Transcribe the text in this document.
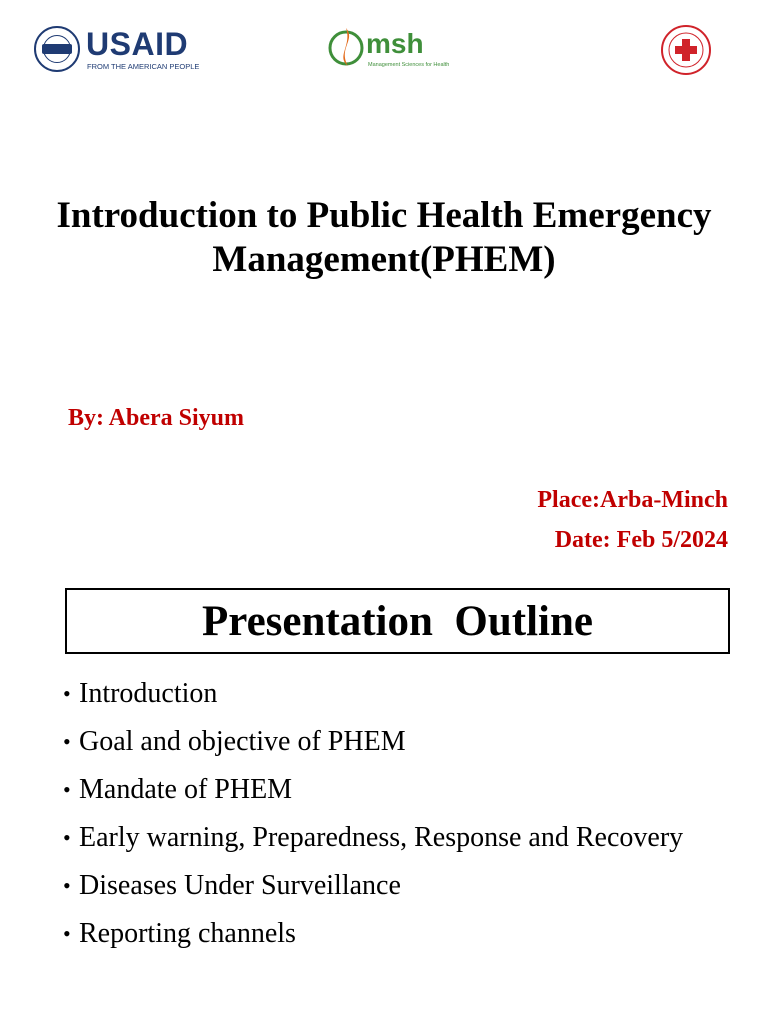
USAID
FROM THE AMERICAN PEOPLE
msh
Management Sciences for Health
Introduction to Public Health Emergency Management(PHEM)
By: Abera Siyum
Place:Arba-Minch
Date: Feb 5/2024
Presentation  Outline
• Introduction
• Goal and objective of PHEM
• Mandate of PHEM
• Early warning, Preparedness, Response and Recovery
• Diseases Under Surveillance
• Reporting channels
